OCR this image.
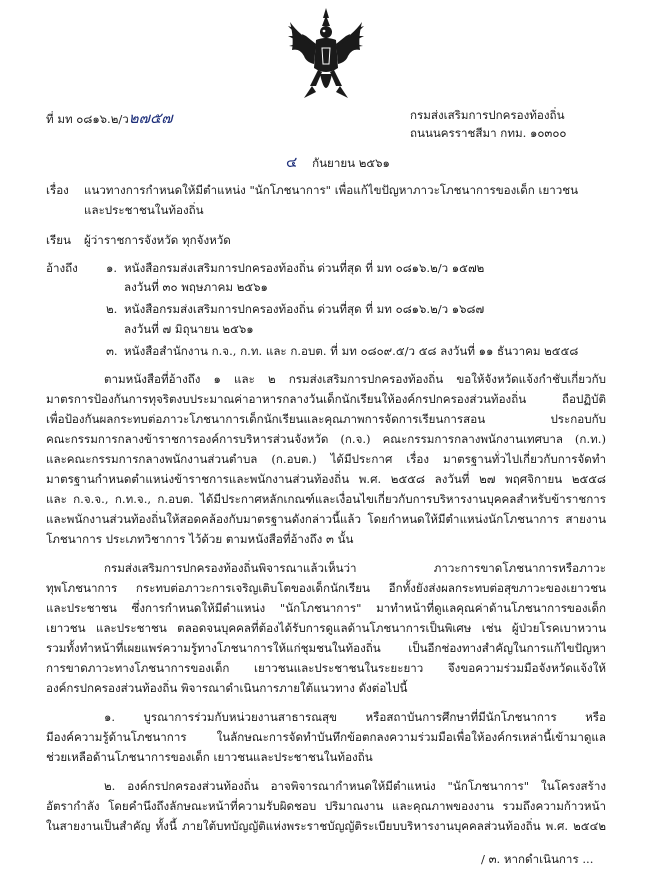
ที่ มท ๐๘๑๖.๒/ว๒๗๕๗	กรมส่งเสริมการปกครองท้องถิ่น
ถนนนครราชสีมา กทม. ๑๐๓๐๐
๔ กันยายน ๒๕๖๑
เรื่อง แนวทางการกำหนดให้มีตำแหน่ง "นักโภชนาการ" เพื่อแก้ไขปัญหาภาวะโภชนาการของเด็ก เยาวชน
และประชาชนในท้องถิ่น
เรียน ผู้ว่าราชการจังหวัด ทุกจังหวัด
อ้างถึง ๑. หนังสือกรมส่งเสริมการปกครองท้องถิ่น ด่วนที่สุด ที่ มท ๐๘๑๖.๒/ว ๑๕๗๒
ลงวันที่ ๓๐ พฤษภาคม ๒๕๖๑
๒. หนังสือกรมส่งเสริมการปกครองท้องถิ่น ด่วนที่สุด ที่ มท ๐๘๑๖.๒/ว ๑๖๘๗
ลงวันที่ ๗ มิถุนายน ๒๕๖๑
๓. หนังสือสำนักงาน ก.จ., ก.ท. และ ก.อบต. ที่ มท ๐๘๐๙.๕/ว ๕๘ ลงวันที่ ๑๑ ธันวาคม ๒๕๕๘
ตามหนังสือที่อ้างถึง ๑ และ ๒ กรมส่งเสริมการปกครองท้องถิ่น ขอให้จังหวัดแจ้งกำชับเกี่ยวกับ
มาตรการป้องกันการทุจริตงบประมาณค่าอาหารกลางวันเด็กนักเรียนให้องค์กรปกครองส่วนท้องถิ่น ถือปฏิบัติ
เพื่อป้องกันผลกระทบต่อภาวะโภชนาการเด็กนักเรียนและคุณภาพการจัดการเรียนการสอน ประกอบกับ
คณะกรรมการกลางข้าราชการองค์การบริหารส่วนจังหวัด (ก.จ.) คณะกรรมการกลางพนักงานเทศบาล (ก.ท.)
และคณะกรรมการกลางพนักงานส่วนตำบล (ก.อบต.) ได้มีประกาศ เรื่อง มาตรฐานทั่วไปเกี่ยวกับการจัดทำ
มาตรฐานกำหนดตำแหน่งข้าราชการและพนักงานส่วนท้องถิ่น พ.ศ. ๒๕๕๘ ลงวันที่ ๒๗ พฤศจิกายน ๒๕๕๘
และ ก.จ.จ., ก.ท.จ., ก.อบต. ได้มีประกาศหลักเกณฑ์และเงื่อนไขเกี่ยวกับการบริหารงานบุคคลสำหรับข้าราชการ
และพนักงานส่วนท้องถิ่นให้สอดคล้องกับมาตรฐานดังกล่าวนี้แล้ว โดยกำหนดให้มีตำแหน่งนักโภชนาการ สายงาน
โภชนาการ ประเภทวิชาการ ไว้ด้วย ตามหนังสือที่อ้างถึง ๓ นั้น
กรมส่งเสริมการปกครองท้องถิ่นพิจารณาแล้วเห็นว่า ภาวะการขาดโภชนาการหรือภาวะ
ทุพโภชนาการ กระทบต่อภาวะการเจริญเติบโตของเด็กนักเรียน อีกทั้งยังส่งผลกระทบต่อสุขภาวะของเยาวชน
และประชาชน ซึ่งการกำหนดให้มีตำแหน่ง "นักโภชนาการ" มาทำหน้าที่ดูแลคุณค่าด้านโภชนาการของเด็ก
เยาวชน และประชาชน ตลอดจนบุคคลที่ต้องได้รับการดูแลด้านโภชนาการเป็นพิเศษ เช่น ผู้ป่วยโรคเบาหวาน
รวมทั้งทำหน้าที่เผยแพร่ความรู้ทางโภชนาการให้แก่ชุมชนในท้องถิ่น เป็นอีกช่องทางสำคัญในการแก้ไขปัญหา
การขาดภาวะทางโภชนาการของเด็ก เยาวชนและประชาชนในระยะยาว จึงขอความร่วมมือจังหวัดแจ้งให้
องค์กรปกครองส่วนท้องถิ่น พิจารณาดำเนินการภายใต้แนวทาง ดังต่อไปนี้
๑. บูรณาการร่วมกับหน่วยงานสาธารณสุข หรือสถาบันการศึกษาที่มีนักโภชนาการ หรือ
มีองค์ความรู้ด้านโภชนาการ ในลักษณะการจัดทำบันทึกข้อตกลงความร่วมมือเพื่อให้องค์กรเหล่านี้เข้ามาดูแล
ช่วยเหลือด้านโภชนาการของเด็ก เยาวชนและประชาชนในท้องถิ่น
๒. องค์กรปกครองส่วนท้องถิ่น อาจพิจารณากำหนดให้มีตำแหน่ง "นักโภชนาการ" ในโครงสร้าง
อัตรากำลัง โดยคำนึงถึงลักษณะหน้าที่ความรับผิดชอบ ปริมาณงาน และคุณภาพของงาน รวมถึงความก้าวหน้า
ในสายงานเป็นสำคัญ ทั้งนี้ ภายใต้บทบัญญัติแห่งพระราชบัญญัติระเบียบบริหารงานบุคคลส่วนท้องถิ่น พ.ศ. ๒๕๔๒
/ ๓. หากดำเนินการ ...
